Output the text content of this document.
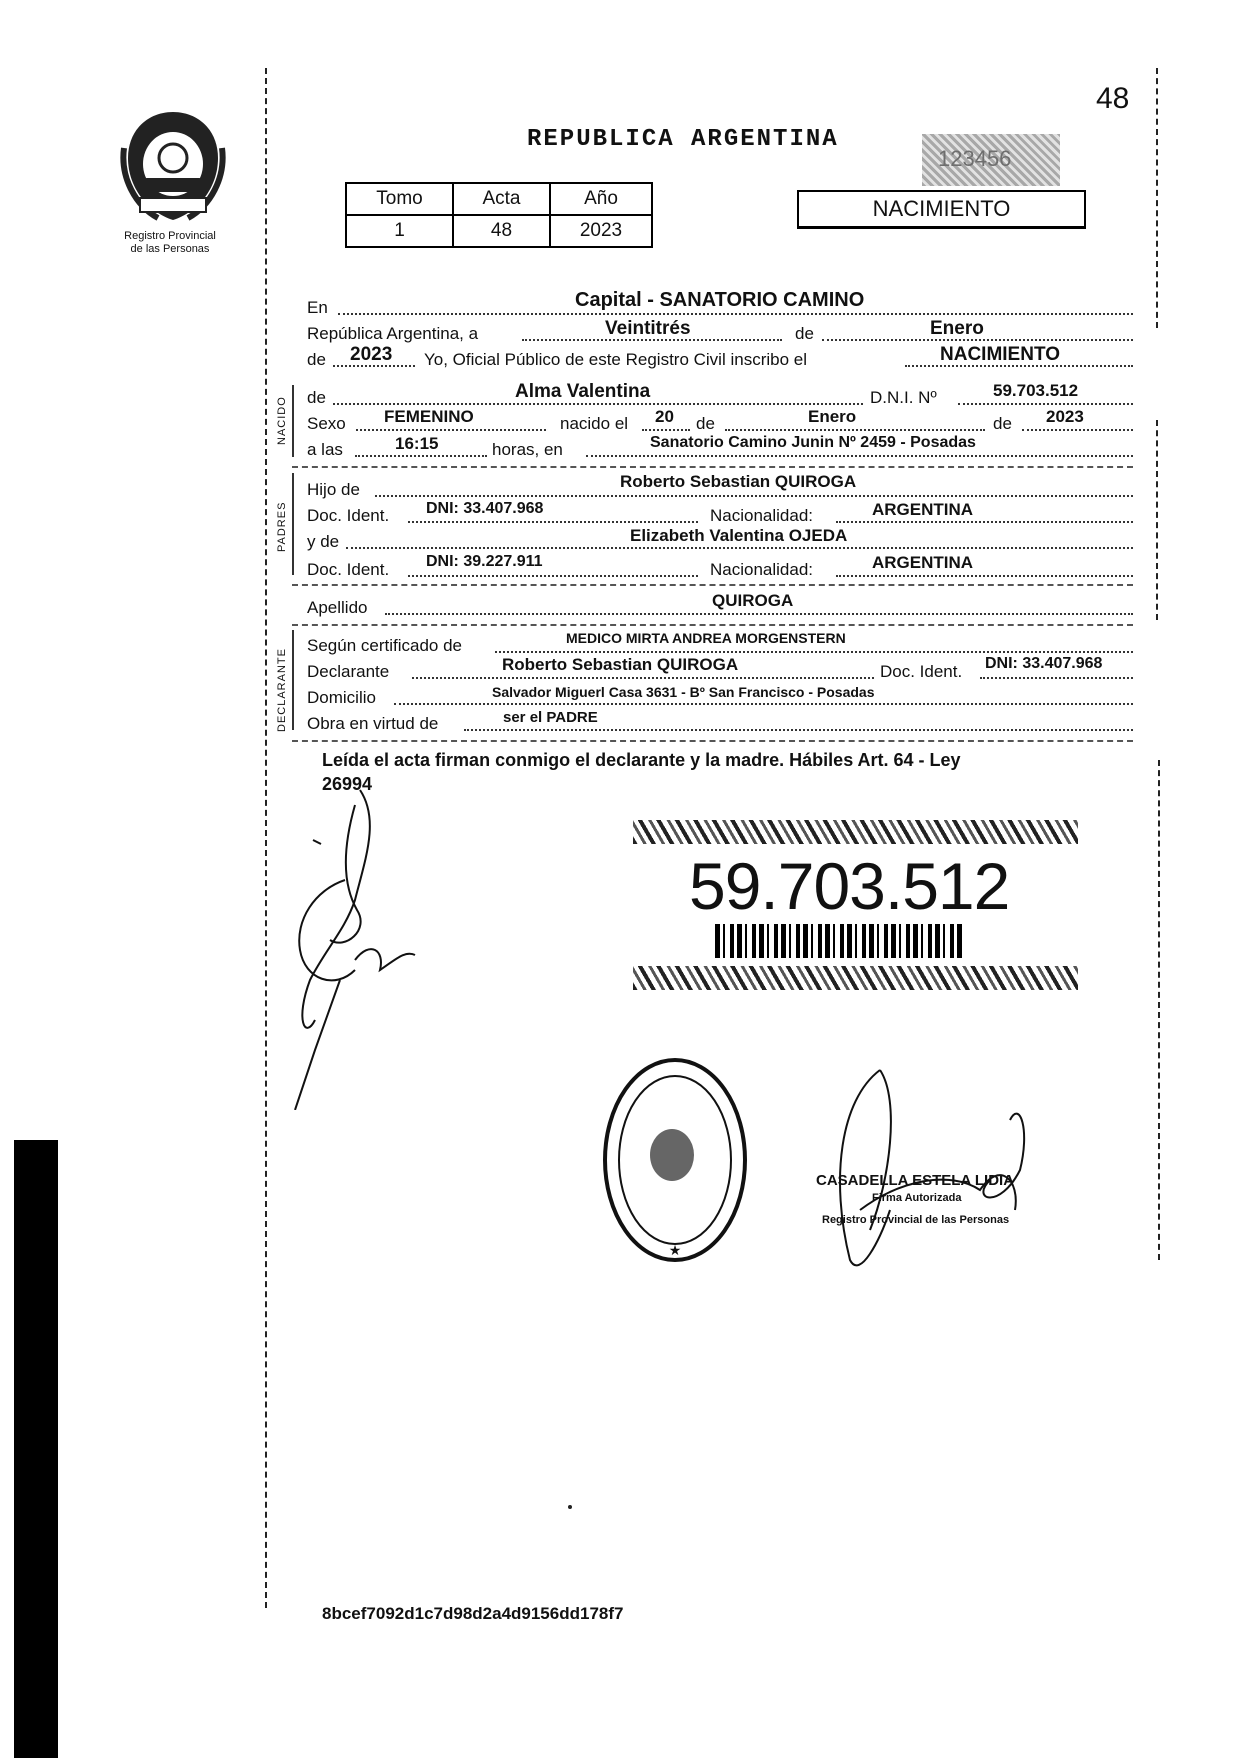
48
Registro Provincial
de las Personas
REPUBLICA ARGENTINA
123456
Tomo	Acta	Año
1	48	2023
NACIMIENTO
En	Capital - SANATORIO CAMINO
República Argentina, a	Veintitrés	de	Enero
de 2023 Yo, Oficial Público de este Registro Civil inscribo el	NACIMIENTO
NACIDO de	Alma Valentina	D.N.I. Nº	59.703.512
Sexo FEMENINO	nacido el 20 de	Enero	de 2023
a las	16:15	horas, en	Sanatorio Camino Junin Nº 2459 - Posadas
PADRES
Hijo de	Roberto Sebastian QUIROGA
Doc. Ident. DNI: 33.407.968	Nacionalidad:	ARGENTINA
y de	Elizabeth Valentina OJEDA
Doc. Ident. DNI: 39.227.911	Nacionalidad:	ARGENTINA
Apellido	QUIROGA
DECLARANTE
Según certificado de	MEDICO MIRTA ANDREA MORGENSTERN
Declarante	Roberto Sebastian QUIROGA	Doc. Ident. DNI: 33.407.968
Domicilio	Salvador Miguerl Casa 3631 - Bº San Francisco - Posadas
Obra en virtud de	ser el PADRE
Leída el acta firman conmigo el declarante y la madre. Hábiles Art. 64 - Ley
26994
59.703.512
★
CASADELLA ESTELA LIDIA
Firma Autorizada
Registro Provincial de las Personas
8bcef7092d1c7d98d2a4d9156dd178f7
